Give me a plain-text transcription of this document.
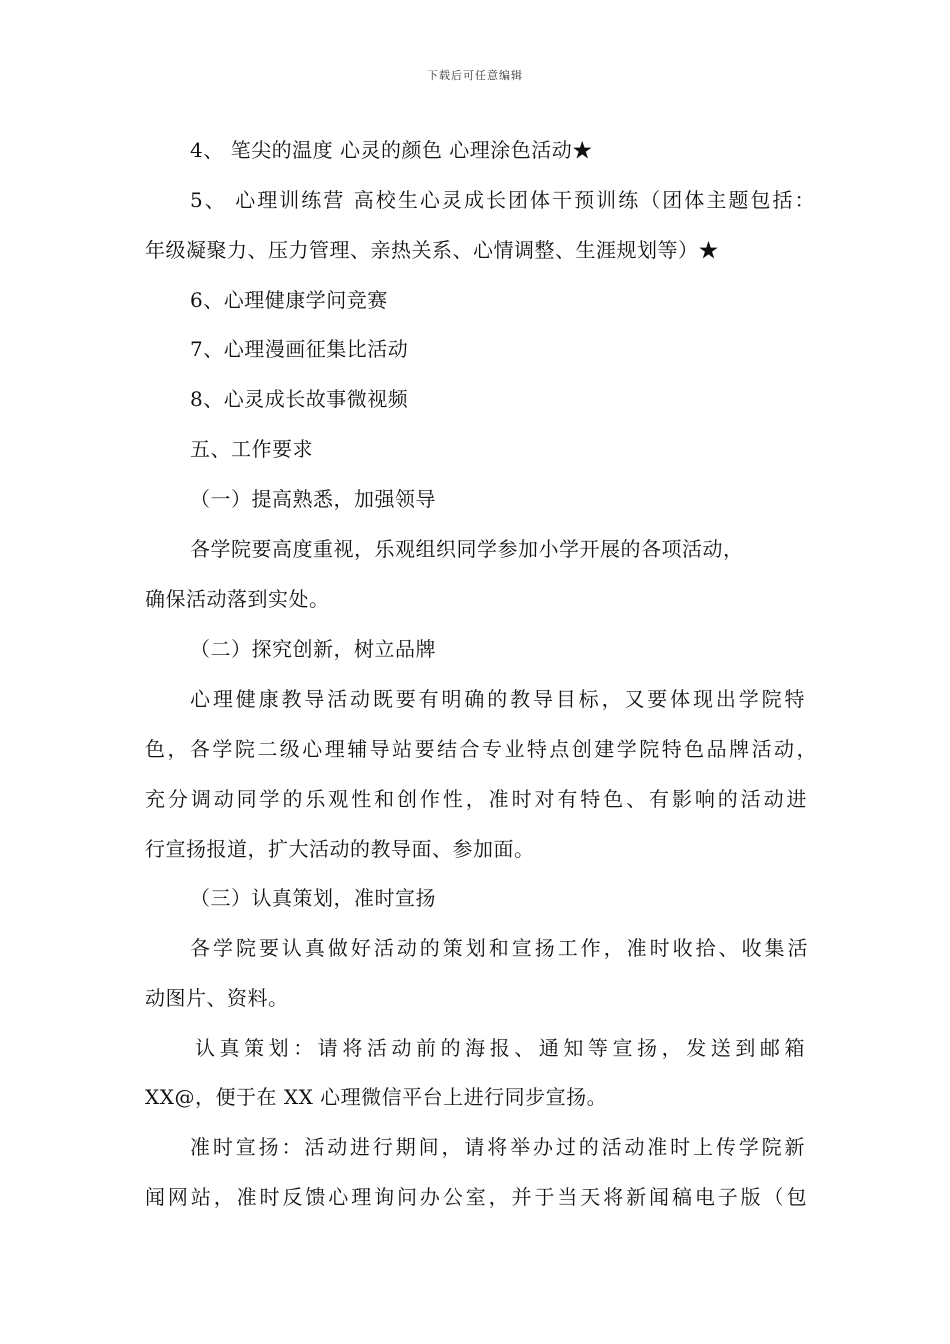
下载后可任意编辑
4、 笔尖的温度 心灵的颜色 心理涂色活动★
5、 心理训练营 高校生心灵成长团体干预训练（团体主题包括：
年级凝聚力、压力管理、亲热关系、心情调整、生涯规划等）★
6、心理健康学问竞赛
7、心理漫画征集比活动
8、心灵成长故事微视频
五、工作要求
（一）提高熟悉，加强领导
各学院要高度重视，乐观组织同学参加小学开展的各项活动，
确保活动落到实处。
（二）探究创新，树立品牌
心理健康教导活动既要有明确的教导目标，又要体现出学院特
色，各学院二级心理辅导站要结合专业特点创建学院特色品牌活动，
充分调动同学的乐观性和创作性，准时对有特色、有影响的活动进
行宣扬报道，扩大活动的教导面、参加面。
（三）认真策划，准时宣扬
各学院要认真做好活动的策划和宣扬工作，准时收拾、收集活
动图片、资料。
认真策划：请将活动前的海报、通知等宣扬，发送到邮箱
XX@，便于在 XX 心理微信平台上进行同步宣扬。
准时宣扬：活动进行期间，请将举办过的活动准时上传学院新
闻网站，准时反馈心理询问办公室，并于当天将新闻稿电子版（包
